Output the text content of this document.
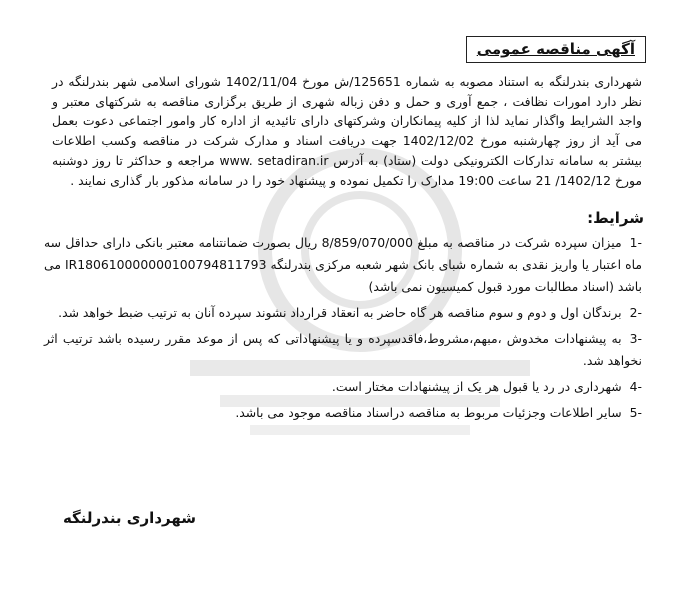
آگهی مناقصه عمومی

شهرداری بندرلنگه به استناد مصوبه به شماره 125651/ش مورخ 1402/11/04 شورای اسلامی شهر بندرلنگه در نظر دارد امورات نظافت ، جمع آوری و حمل و دفن زباله شهری از طریق برگزاری مناقصه به شرکتهای معتبر و واجد الشرایط واگذار نماید لذا از کلیه پیمانکاران وشرکتهای دارای تائیدیه از اداره کار وامور اجتماعی دعوت بعمل می آید از روز چهارشنبه مورخ 1402/12/02 جهت دریافت اسناد و مدارک شرکت در مناقصه وکسب اطلاعات بیشتر به سامانه تدارکات الکترونیکی دولت (ستاد) به آدرس www. setadiran.ir مراجعه و حداکثر تا روز دوشنبه مورخ 1402/12/ 21 ساعت 19:00 مدارک را تکمیل نموده و پیشنهاد خود را در سامانه مذکور بار گذاری نمایند .

شرایط:
-1میزان سپرده شرکت در مناقصه به مبلغ 8/859/070/000 ریال بصورت ضمانتنامه معتبر بانکی دارای حداقل سه ماه اعتبار یا واریز نقدی به شماره شبای بانک شهر شعبه مرکزی بندرلنگه IR180610000000100794811793 می باشد (اسناد مطالبات مورد قبول کمیسیون نمی باشد)
-2برندگان اول و دوم و سوم مناقصه هر گاه حاضر به انعقاد قرارداد نشوند سپرده آنان به ترتیب ضبط خواهد شد.
-3به پیشنهادات مخدوش ،مبهم،مشروط،فاقدسپرده و یا پیشنهاداتی که پس از موعد مقرر رسیده باشد ترتیب اثر نخواهد شد.
-4شهرداری در رد یا قبول هر یک از پیشنهادات مختار است.
-5سایر اطلاعات وجزئیات مربوط به مناقصه دراسناد مناقصه موجود می باشد.
شهرداری بندرلنگه
